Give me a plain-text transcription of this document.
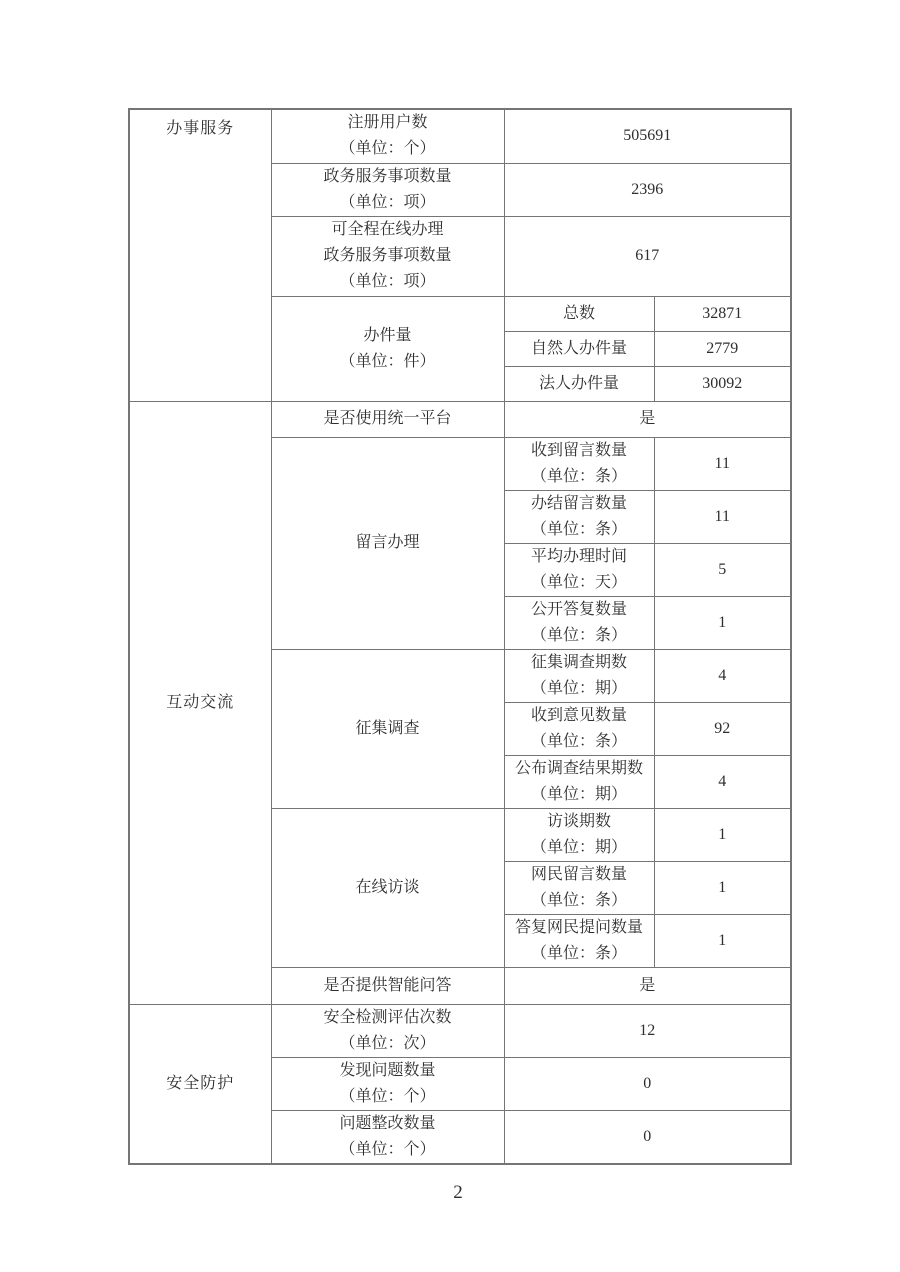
办事服务	注册用户数
（单位：个）	505691	

	政务服务事项数量
（单位：项）	2396	

	可全程在线办理
政务服务事项数量
（单位：项）	617	

	办件量
（单位：件）	总数	32871
		自然人办件量	2779
		法人办件量	30092
互动交流	是否使用统一平台	是	
	留言办理	收到留言数量
（单位：条）	11

		办结留言数量
（单位：条）	11

		平均办理时间
（单位：天）	5

		公开答复数量
（单位：条）	1
	征集调查	征集调查期数
（单位：期）	4

		收到意见数量
（单位：条）	92

		公布调查结果期数
（单位：期）	4
	在线访谈	访谈期数
（单位：期）	1

		网民留言数量
（单位：条）	1

		答复网民提问数量
（单位：条）	1
	是否提供智能问答	是	
安全防护	安全检测评估次数
（单位：次）	12	

	发现问题数量
（单位：个）	0	

	问题整改数量
（单位：个）	0	
2
